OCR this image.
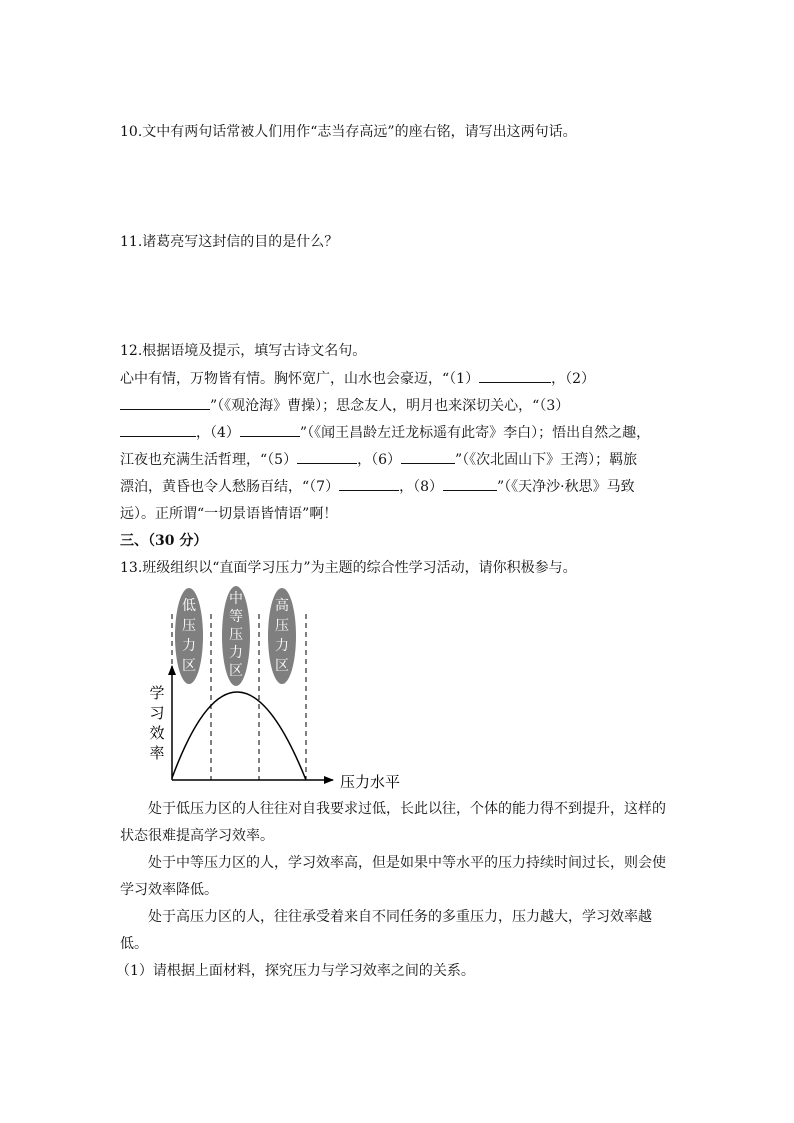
10.文中有两句话常被人们用作“志当存高远”的座右铭，请写出这两句话。
11.诸葛亮写这封信的目的是什么？
12.根据语境及提示，填写古诗文名句。
心中有情，万物皆有情。胸怀宽广，山水也会豪迈，“（1）	，（2）
”（《观沧海》曹操）；思念友人，明月也来深切关心，“（3）
，（4）	”（《闻王昌龄左迁龙标遥有此寄》李白）；悟出自然之趣，
江夜也充满生活哲理，“（5）	，（6）	”（《次北固山下》王湾）；羁旅
漂泊，黄昏也令人愁肠百结，“（7）	，（8）	”（《天净沙·秋思》马致
远）。正所谓“一切景语皆情语”啊！
三、（30 分）
13.班级组织以“直面学习压力”为主题的综合性学习活动，请你积极参与。
低
压
力
区
中
等
压
力
区
高
压
力
区
学
习
效
率
压力水平
处于低压力区的人往往对自我要求过低，长此以往，个体的能力得不到提升，这样的
状态很难提高学习效率。
处于中等压力区的人，学习效率高，但是如果中等水平的压力持续时间过长，则会使
学习效率降低。
处于高压力区的人，往往承受着来自不同任务的多重压力，压力越大，学习效率越
低。
（1）请根据上面材料，探究压力与学习效率之间的关系。
